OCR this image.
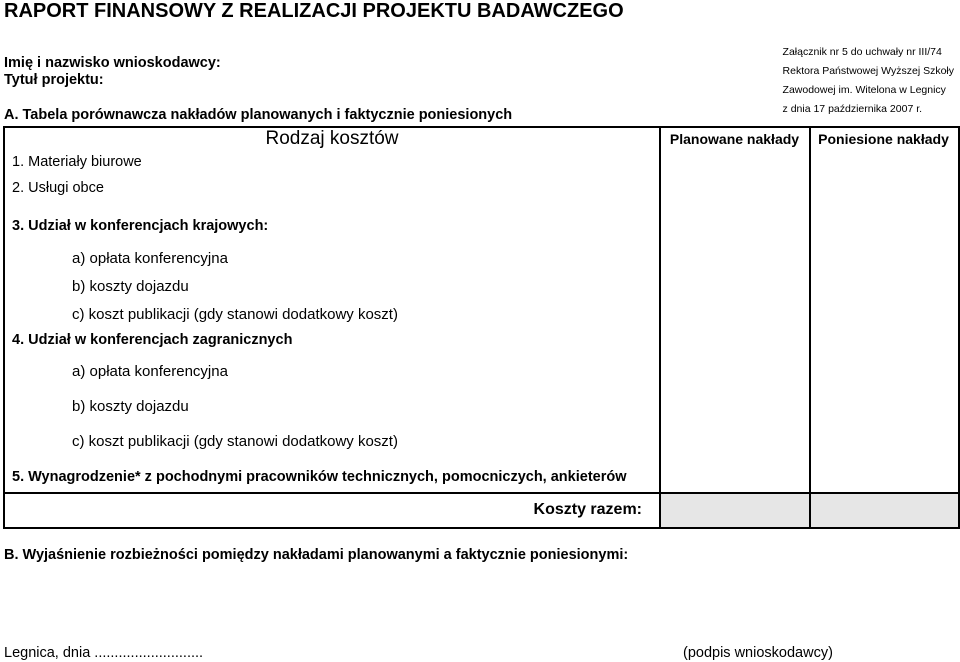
RAPORT FINANSOWY Z REALIZACJI PROJEKTU BADAWCZEGO
Imię i nazwisko wnioskodawcy:
Tytuł projektu:
Załącznik nr 5 do uchwały nr III/74
Rektora Państwowej Wyższej Szkoły
Zawodowej im. Witelona w Legnicy
z dnia 17 października 2007 r.
A. Tabela porównawcza nakładów planowanych i faktycznie poniesionych
Rodzaj kosztów	Planowane nakłady	Poniesione nakłady
1. Materiały biurowe
2. Usługi obce
3. Udział w konferencjach krajowych:
a) opłata konferencyjna
b) koszty dojazdu
c) koszt publikacji (gdy stanowi dodatkowy koszt)
4. Udział w konferencjach zagranicznych
a) opłata konferencyjna
b) koszty dojazdu
c) koszt publikacji (gdy stanowi dodatkowy koszt)
5. Wynagrodzenie* z pochodnymi pracowników technicznych, pomocniczych, ankieterów
Koszty razem:
B. Wyjaśnienie rozbieżności pomiędzy nakładami planowanymi a faktycznie poniesionymi:
Legnica, dnia ...........................	(podpis wnioskodawcy)
